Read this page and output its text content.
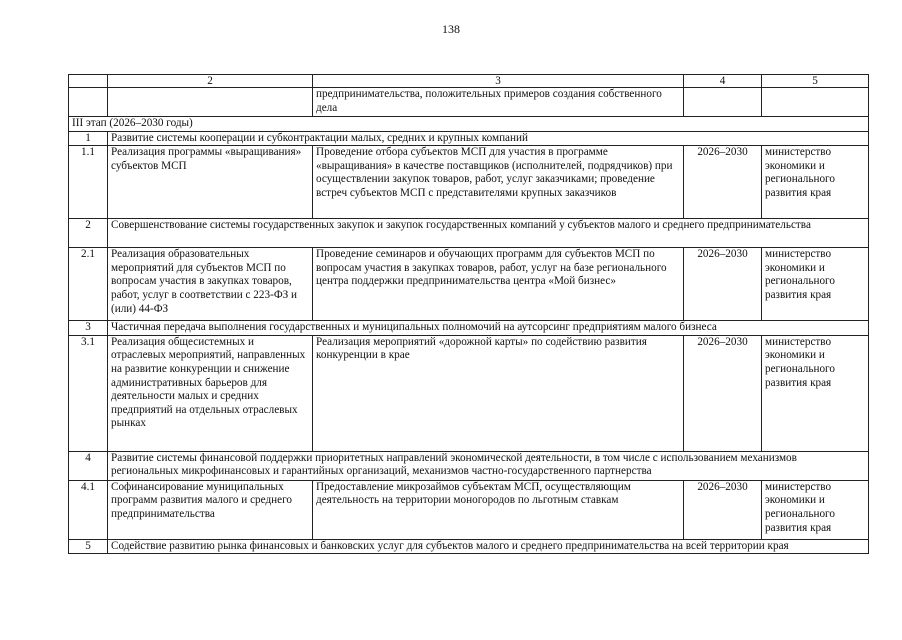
138
	2	3	4	5
		предпринимательства, положительных примеров создания собственного дела		
III этап (2026–2030 годы)				
1	Развитие системы кооперации и субконтрактации малых, средних и крупных компаний			
1.1	Реализация программы «выращивания» субъектов МСП	Проведение отбора субъектов МСП для участия в программе «выращивания» в качестве поставщиков (исполнителей, подрядчиков) при осуществлении закупок товаров, работ, услуг заказчиками; проведение встреч субъектов МСП с представителями крупных заказчиков	2026–2030	министерство экономики и регионального развития края
2	Совершенствование системы государственных закупок и закупок государственных компаний у субъектов малого и среднего предпринимательства			
2.1	Реализация образовательных мероприятий для субъектов МСП по вопросам участия в закупках товаров, работ, услуг в соответствии с 223-ФЗ и (или) 44-ФЗ	Проведение семинаров и обучающих программ для субъектов МСП по вопросам участия в закупках товаров, работ, услуг на базе регионального центра поддержки предпринимательства центра «Мой бизнес»	2026–2030	министерство экономики и регионального развития края
3	Частичная передача выполнения государственных и муниципальных полномочий на аутсорсинг предприятиям малого бизнеса			
3.1	Реализация общесистемных и отраслевых мероприятий, направленных на развитие конкуренции и снижение административных барьеров для деятельности малых и средних предприятий на отдельных отраслевых рынках	Реализация мероприятий «дорожной карты» по содействию развития конкуренции в крае	2026–2030	министерство экономики и регионального развития края
4	Развитие системы финансовой поддержки приоритетных направлений экономической деятельности, в том числе с использованием механизмов региональных микрофинансовых и гарантийных организаций, механизмов частно-государственного партнерства			
4.1	Софинансирование муниципальных программ развития малого и среднего предпринимательства	Предоставление микрозаймов субъектам МСП, осуществляющим деятельность на территории моногородов по льготным ставкам	2026–2030	министерство экономики и регионального развития края
5	Содействие развитию рынка финансовых и банковских услуг для субъектов малого и среднего предпринимательства на всей территории края			
